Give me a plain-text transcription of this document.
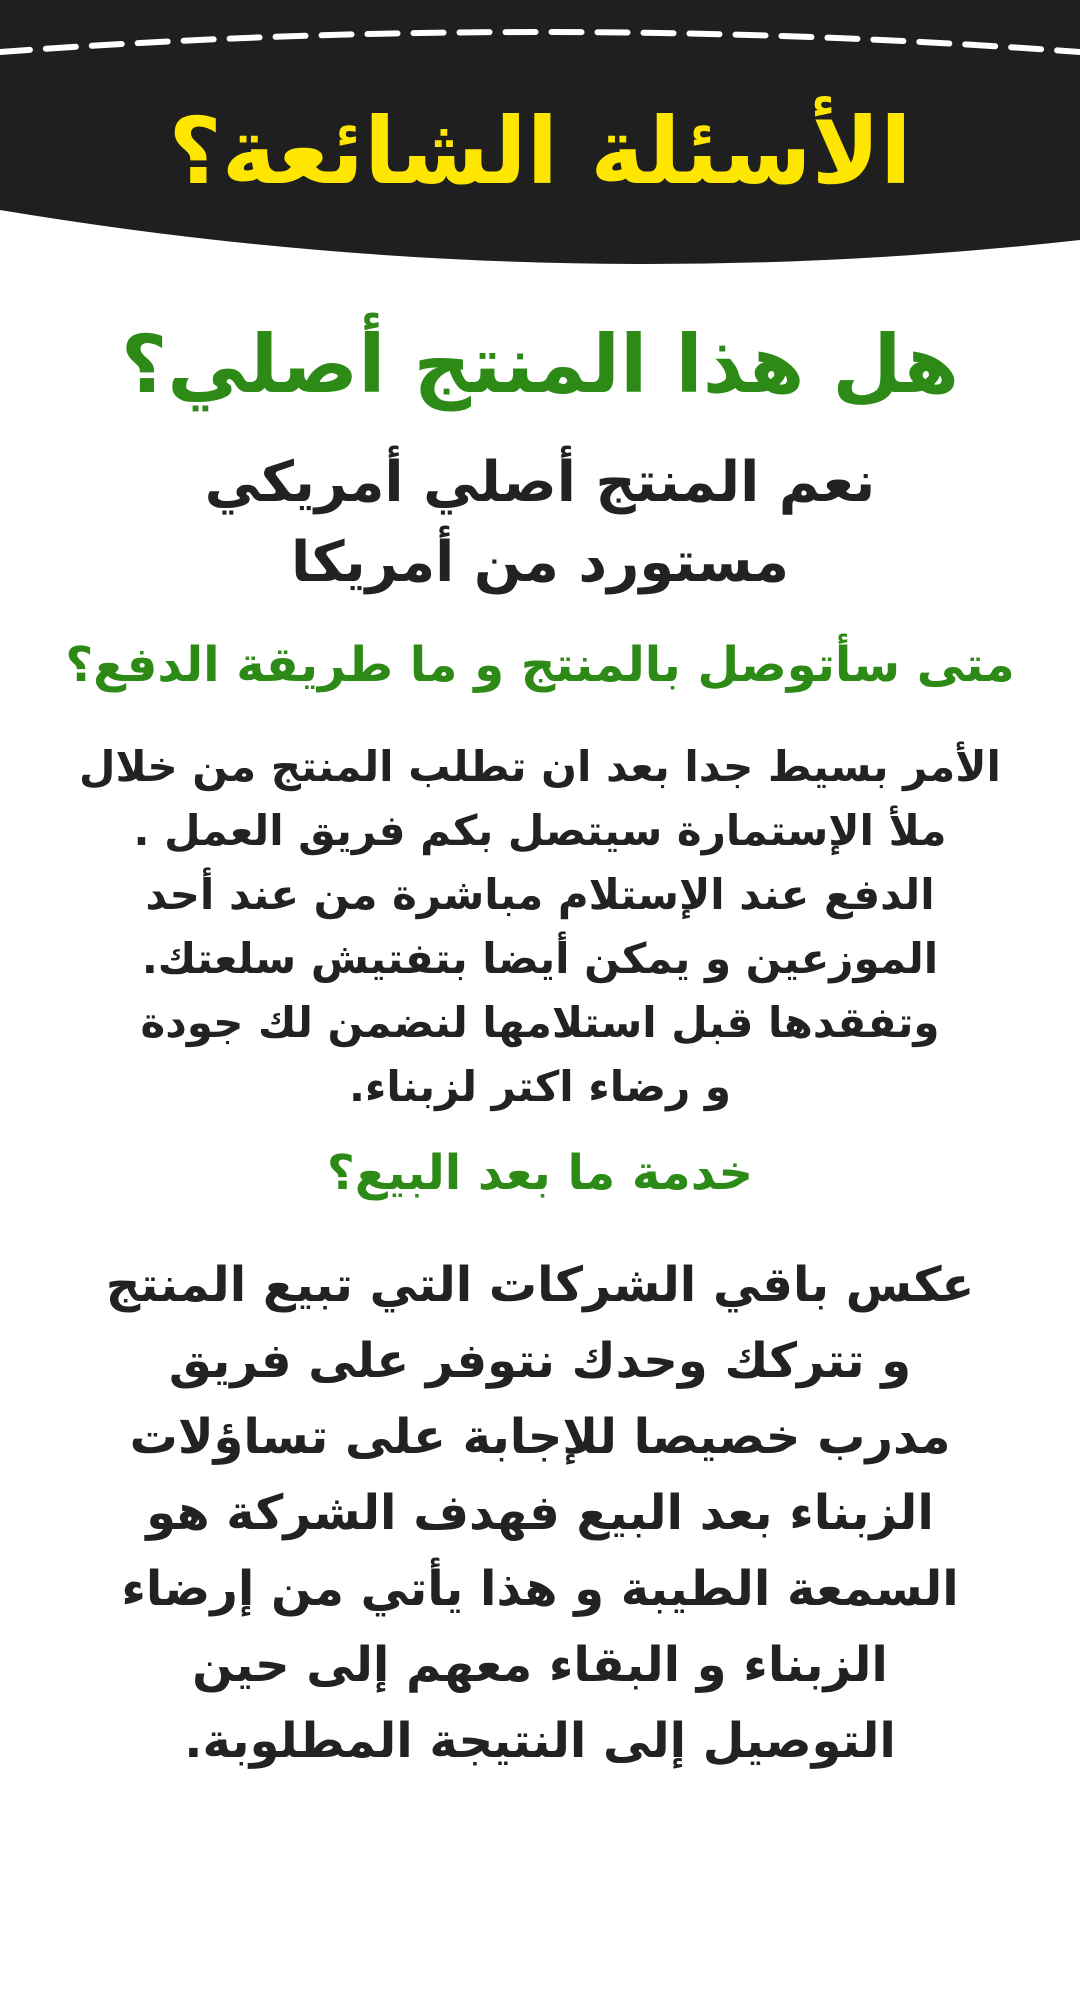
الأسئلة الشائعة؟
هل هذا المنتج أصلي؟
نعم المنتج أصلي أمريكي
مستورد من أمريكا
متى سأتوصل بالمنتج و ما طريقة الدفع؟
الأمر بسيط جدا بعد ان تطلب المنتج من خلال
ملأ الإستمارة سيتصل بكم فريق العمل .
الدفع عند الإستلام مباشرة من عند أحد
الموزعين و يمكن أيضا بتفتيش سلعتك.
وتفقدها قبل استلامها لنضمن لك جودة
و رضاء اكتر لزبناء.
خدمة ما بعد البيع؟
عكس باقي الشركات التي تبيع المنتج
و تتركك وحدك نتوفر على فريق
مدرب خصيصا للإجابة على تساؤلات
الزبناء بعد البيع فهدف الشركة هو
السمعة الطيبة و هذا يأتي من إرضاء
الزبناء و البقاء معهم إلى حين
التوصيل إلى النتيجة المطلوبة.
